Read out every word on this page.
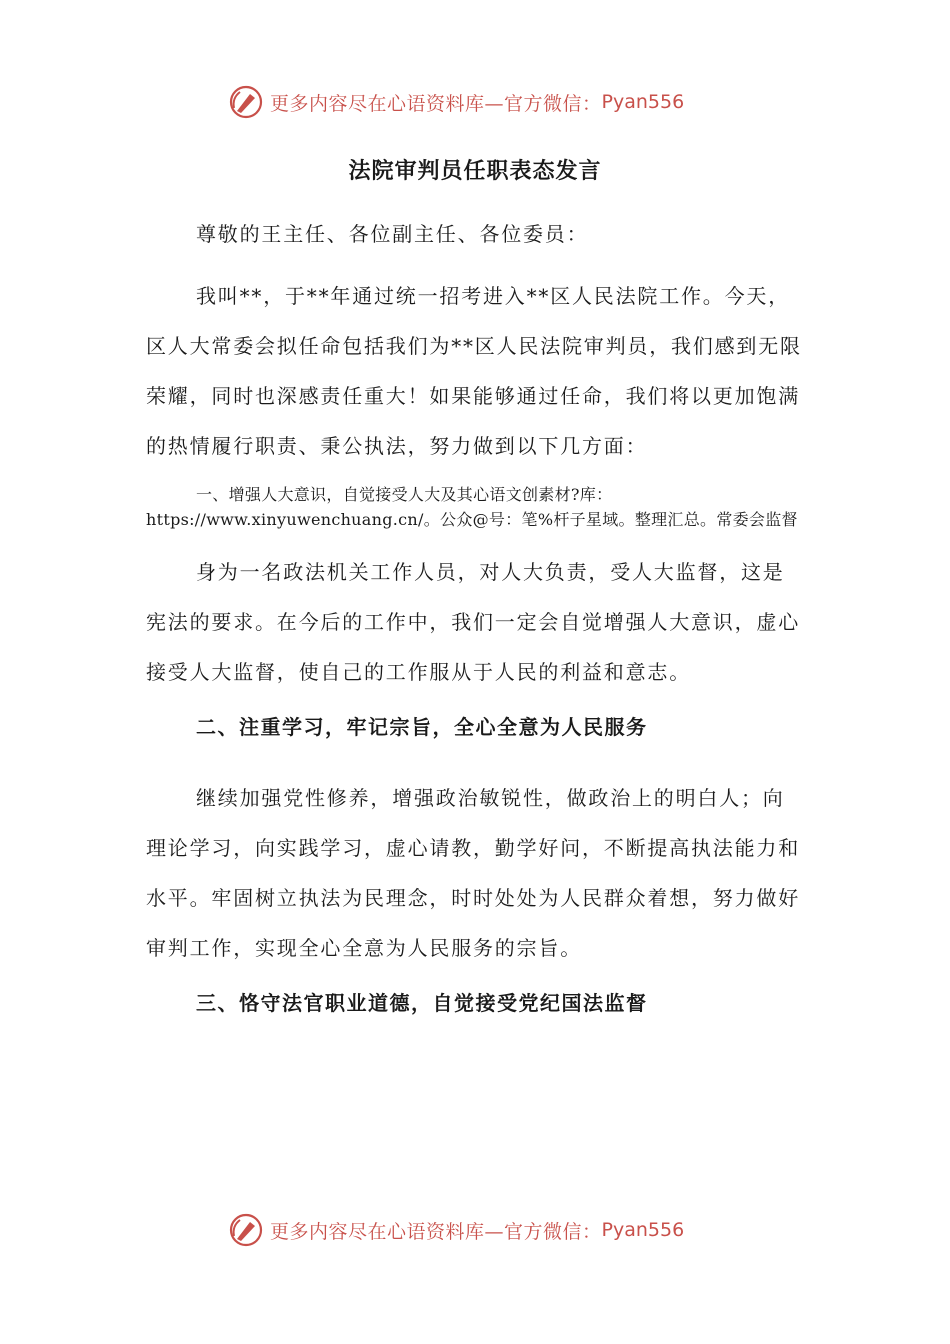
更多内容尽在心语资料库—官方微信： Pyan556
法院审判员任职表态发言

尊敬的王主任、各位副主任、各位委员：

我叫**，于**年通过统一招考进入**区人民法院工作。今天，区人大常委会拟任命包括我们为**区人民法院审判员，我们感到无限荣耀，同时也深感责任重大！如果能够通过任命，我们将以更加饱满的热情履行职责、秉公执法，努力做到以下几方面：

一、增强人大意识，自觉接受人大及其心语文创素材?库：https://www.xinyuwenchuang.cn/。公众@号：笔%杆子星域。整理汇总。常委会监督

身为一名政法机关工作人员，对人大负责，受人大监督，这是宪法的要求。在今后的工作中，我们一定会自觉增强人大意识，虚心接受人大监督，使自己的工作服从于人民的利益和意志。

二、注重学习，牢记宗旨，全心全意为人民服务

继续加强党性修养，增强政治敏锐性，做政治上的明白人；向理论学习，向实践学习，虚心请教，勤学好问，不断提高执法能力和水平。牢固树立执法为民理念，时时处处为人民群众着想，努力做好审判工作，实现全心全意为人民服务的宗旨。

三、恪守法官职业道德，自觉接受党纪国法监督

更多内容尽在心语资料库—官方微信： Pyan556
